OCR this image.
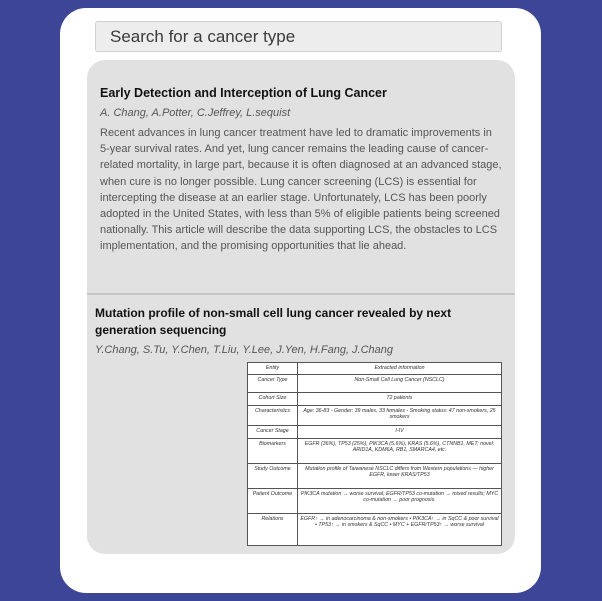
Search for a cancer type

Early Detection and Interception of Lung Cancer

A. Chang, A.Potter, C.Jeffrey, L.sequist

Recent advances in lung cancer treatment have led to dramatic improvements in 5-year survival rates. And yet, lung cancer remains the leading cause of cancer-related mortality, in large part, because it is often diagnosed at an advanced stage, when cure is no longer possible. Lung cancer screening (LCS) is essential for intercepting the disease at an earlier stage. Unfortunately, LCS has been poorly adopted in the United States, with less than 5% of eligible patients being screened nationally. This article will describe the data supporting LCS, the obstacles to LCS implementation, and the promising opportunities that lie ahead.

Mutation profile of non-small cell lung cancer revealed by next generation sequencing

Y.Chang, S.Tu, Y.Chen, T.Liu, Y.Lee, J.Yen, H.Fang, J.Chang

Entity	Extracted information
Cancer Type	Non-Small Cell Lung Cancer (NSCLC)
Cohort Size	72 patients
Characteristics	Age: 36-83 - Gender: 39 males, 33 females - Smoking status: 47 non-smokers, 25 smokers
Cancer Stage	I-IV
Biomarkers	EGFR (36%), TP53 (25%), PIK3CA (5.6%), KRAS (5.6%), CTNNB1, MET; novel: ARID1A, KDM6A, RB1, SMARCA4, etc.
Study Outcome	Mutation profile of Taiwanese NSCLC differs from Western populations — higher EGFR, lower KRAS/TP53
Patient Outcome	PIK3CA mutation → worse survival; EGFR/TP53 co-mutation → mixed results; MYC co-mutation → poor prognosis.
Relations	EGFR↑ → in adenocarcinoma & non-smokers • PIK3CA↑ → in SqCC & poor survival • TP53↑ → in smokers & SqCC • MYC + EGFR/TP53↑ → worse survival
